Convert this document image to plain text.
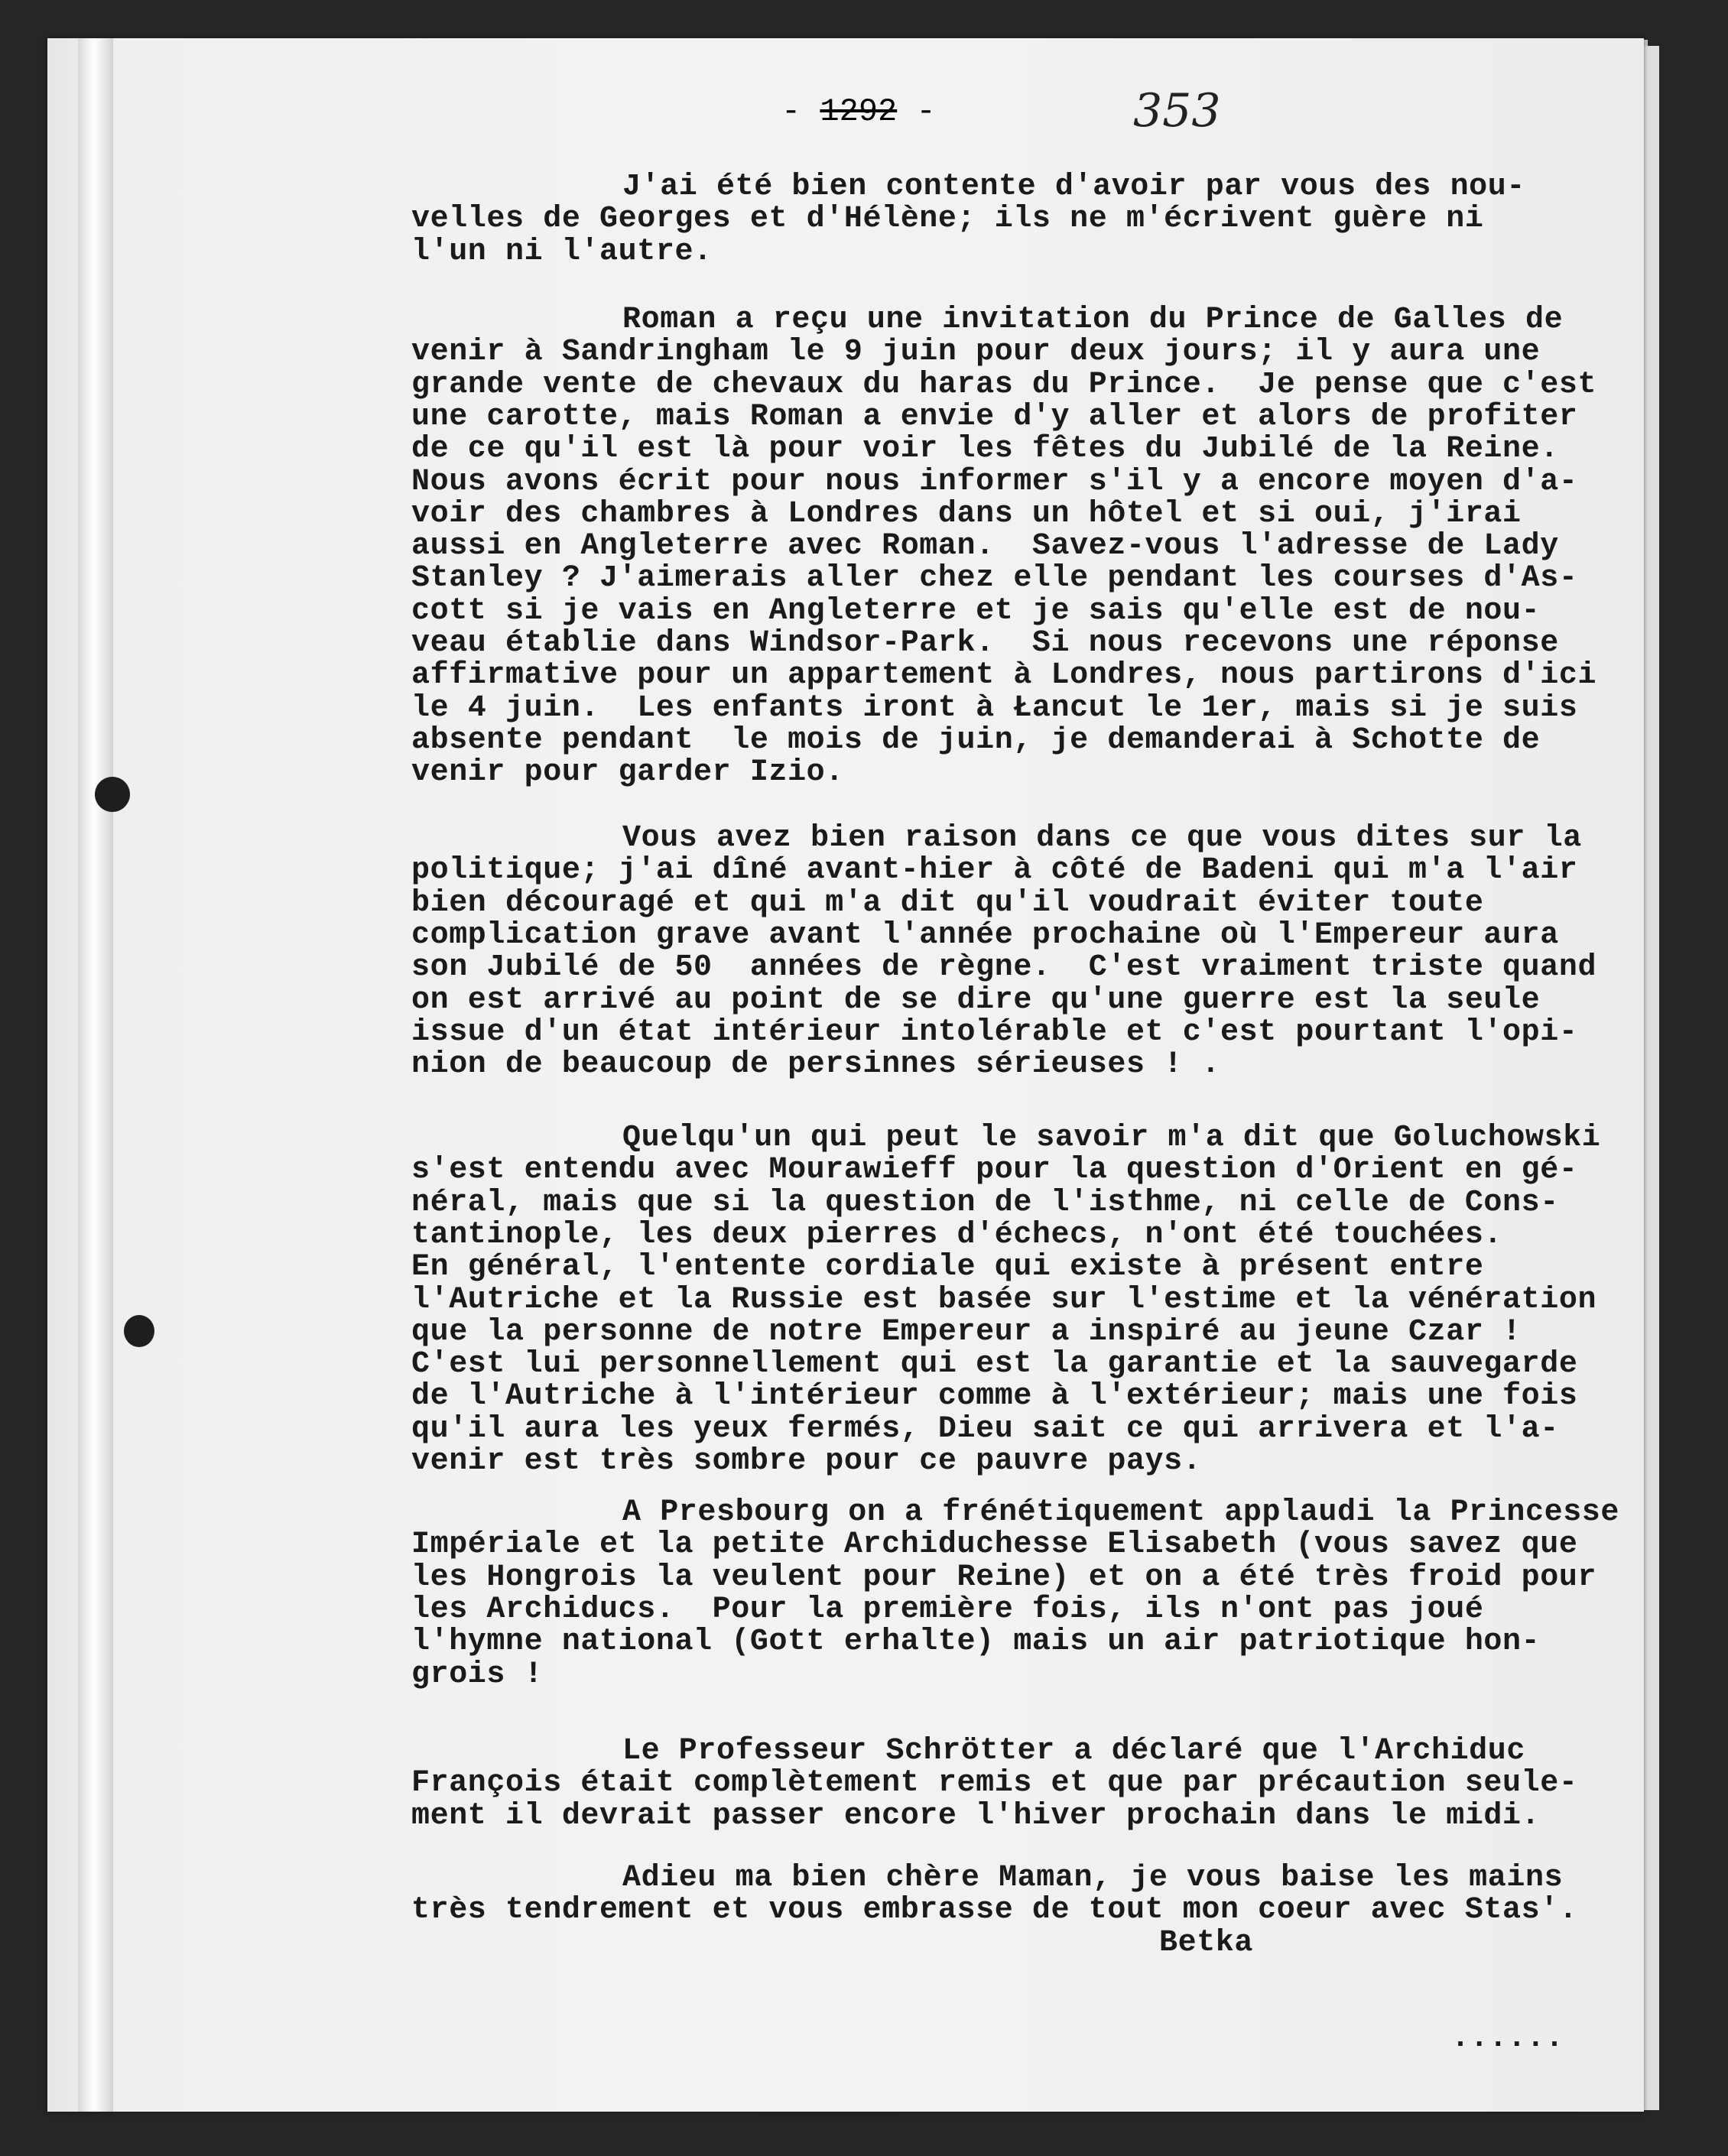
- 1292 -	353
J'ai été bien contente d'avoir par vous des nou-
velles de Georges et d'Hélène; ils ne m'écrivent guère ni
l'un ni l'autre.
Roman a reçu une invitation du Prince de Galles de
venir à Sandringham le 9 juin pour deux jours; il y aura une
grande vente de chevaux du haras du Prince.  Je pense que c'est
une carotte, mais Roman a envie d'y aller et alors de profiter
de ce qu'il est là pour voir les fêtes du Jubilé de la Reine.
Nous avons écrit pour nous informer s'il y a encore moyen d'a-
voir des chambres à Londres dans un hôtel et si oui, j'irai
aussi en Angleterre avec Roman.  Savez-vous l'adresse de Lady
Stanley ? J'aimerais aller chez elle pendant les courses d'As-
cott si je vais en Angleterre et je sais qu'elle est de nou-
veau établie dans Windsor-Park.  Si nous recevons une réponse
affirmative pour un appartement à Londres, nous partirons d'ici
le 4 juin.  Les enfants iront à Łancut le 1er, mais si je suis
absente pendant  le mois de juin, je demanderai à Schotte de
venir pour garder Izio.
Vous avez bien raison dans ce que vous dites sur la
politique; j'ai dîné avant-hier à côté de Badeni qui m'a l'air
bien découragé et qui m'a dit qu'il voudrait éviter toute
complication grave avant l'année prochaine où l'Empereur aura
son Jubilé de 50  années de règne.  C'est vraiment triste quand
on est arrivé au point de se dire qu'une guerre est la seule
issue d'un état intérieur intolérable et c'est pourtant l'opi-
nion de beaucoup de persinnes sérieuses ! .
Quelqu'un qui peut le savoir m'a dit que Goluchowski
s'est entendu avec Mourawieff pour la question d'Orient en gé-
néral, mais que si la question de l'isthme, ni celle de Cons-
tantinople, les deux pierres d'échecs, n'ont été touchées.
En général, l'entente cordiale qui existe à présent entre
l'Autriche et la Russie est basée sur l'estime et la vénération
que la personne de notre Empereur a inspiré au jeune Czar !
C'est lui personnellement qui est la garantie et la sauvegarde
de l'Autriche à l'intérieur comme à l'extérieur; mais une fois
qu'il aura les yeux fermés, Dieu sait ce qui arrivera et l'a-
venir est très sombre pour ce pauvre pays.
A Presbourg on a frénétiquement applaudi la Princesse
Impériale et la petite Archiduchesse Elisabeth (vous savez que
les Hongrois la veulent pour Reine) et on a été très froid pour
les Archiducs.  Pour la première fois, ils n'ont pas joué
l'hymne national (Gott erhalte) mais un air patriotique hon-
grois !
Le Professeur Schrötter a déclaré que l'Archiduc
François était complètement remis et que par précaution seule-
ment il devrait passer encore l'hiver prochain dans le midi.
Adieu ma bien chère Maman, je vous baise les mains
très tendrement et vous embrasse de tout mon coeur avec Stas'.
Betka
......
